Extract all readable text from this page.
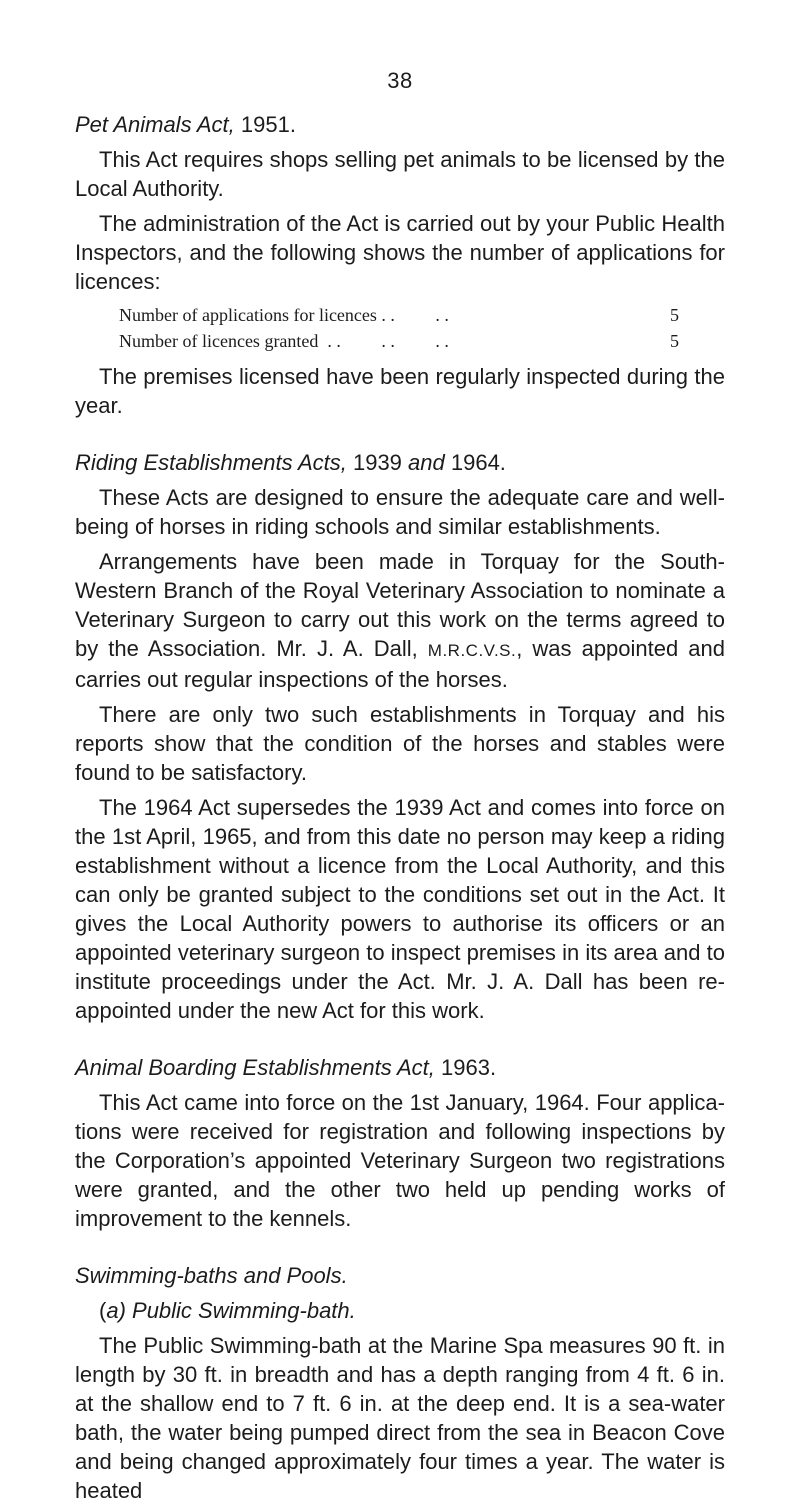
38
Pet Animals Act, 1951.

This Act requires shops selling pet animals to be licensed by the Local Authority.

The administration of the Act is carried out by your Public Health Inspectors, and the following shows the number of applications for licences:

Number of applications for licences . .         . .	5
Number of licences granted  . .         . .         . .	5

The premises licensed have been regularly inspected during the year.

Riding Establishments Acts, 1939 and 1964.

These Acts are designed to ensure the adequate care and well-being of horses in riding schools and similar establishments.

Arrangements have been made in Torquay for the South-Western Branch of the Royal Veterinary Association to nominate a Veterinary Surgeon to carry out this work on the terms agreed to by the Association. Mr. J. A. Dall, M.R.C.V.S., was appointed and carries out regular inspections of the horses.

There are only two such establishments in Torquay and his reports show that the condition of the horses and stables were found to be satisfactory.

The 1964 Act supersedes the 1939 Act and comes into force on the 1st April, 1965, and from this date no person may keep a riding establishment without a licence from the Local Authority, and this can only be granted subject to the conditions set out in the Act. It gives the Local Authority powers to authorise its officers or an appointed veterinary surgeon to inspect premises in its area and to institute proceedings under the Act. Mr. J. A. Dall has been re-appointed under the new Act for this work.

Animal Boarding Establishments Act, 1963.

This Act came into force on the 1st January, 1964. Four applications were received for registration and following inspections by the Corporation’s appointed Veterinary Surgeon two registrations were granted, and the other two held up pending works of improvement to the kennels.

Swimming-baths and Pools.
(a) Public Swimming-bath.

The Public Swimming-bath at the Marine Spa measures 90 ft. in length by 30 ft. in breadth and has a depth ranging from 4 ft. 6 in. at the shallow end to 7 ft. 6 in. at the deep end. It is a sea-water bath, the water being pumped direct from the sea in Beacon Cove and being changed approximately four times a year. The water is heated
